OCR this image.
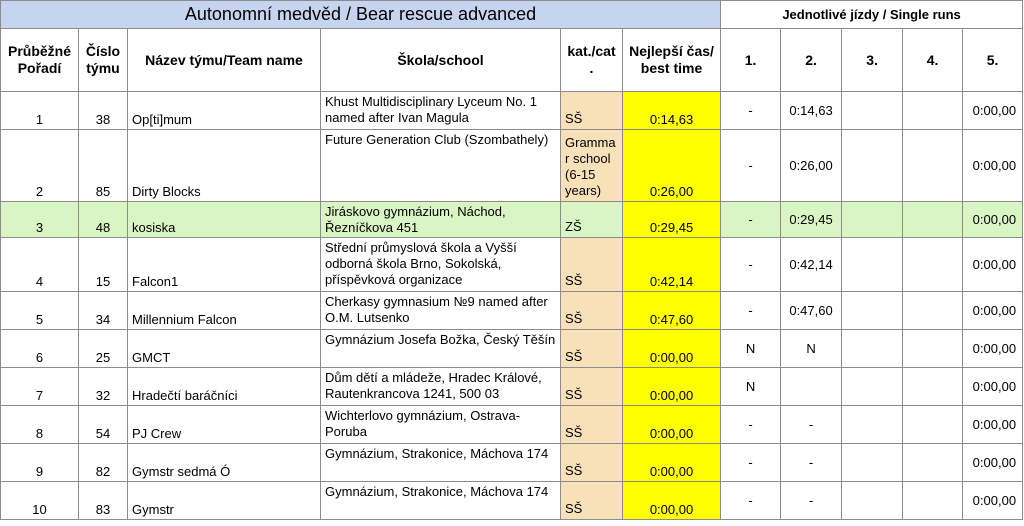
Autonomní medvěd / Bear rescue advanced						Jednotlivé jízdy / Single runs				
Průběžné Pořadí	Číslo týmu	Název týmu/Team name	Škola/school	kat./cat .	Nejlepší čas/ best time	1.	2.	3.	4.	5.
1	38	Op[ti]mum	Khust Multidisciplinary Lyceum No. 1 named after Ivan Magula	SŠ	0:14,63	-	0:14,63			0:00,00
2	85	Dirty Blocks	Future Generation Club (Szombathely)	Gramma r school (6-15 years)	0:26,00	-	0:26,00			0:00,00
3	48	kosiska	Jiráskovo gymnázium, Náchod, Řezníčkova 451	ZŠ	0:29,45	-	0:29,45			0:00,00
4	15	Falcon1	Střední průmyslová škola a Vyšší odborná škola Brno, Sokolská, příspěvková organizace	SŠ	0:42,14	-	0:42,14			0:00,00
5	34	Millennium Falcon	Cherkasy gymnasium №9 named after O.M. Lutsenko	SŠ	0:47,60	-	0:47,60			0:00,00
6	25	GMCT	Gymnázium Josefa Božka, Český Těšín	SŠ	0:00,00	N	N			0:00,00
7	32	Hradečtí baráčníci	Dům dětí a mládeže, Hradec Králové, Rautenkrancova 1241, 500 03	SŠ	0:00,00	N				0:00,00
8	54	PJ Crew	Wichterlovo gymnázium, Ostrava-Poruba	SŠ	0:00,00	-	-			0:00,00
9	82	Gymstr sedmá Ó	Gymnázium, Strakonice, Máchova 174	SŠ	0:00,00	-	-			0:00,00
10	83	Gymstr	Gymnázium, Strakonice, Máchova 174	SŠ	0:00,00	-	-			0:00,00
